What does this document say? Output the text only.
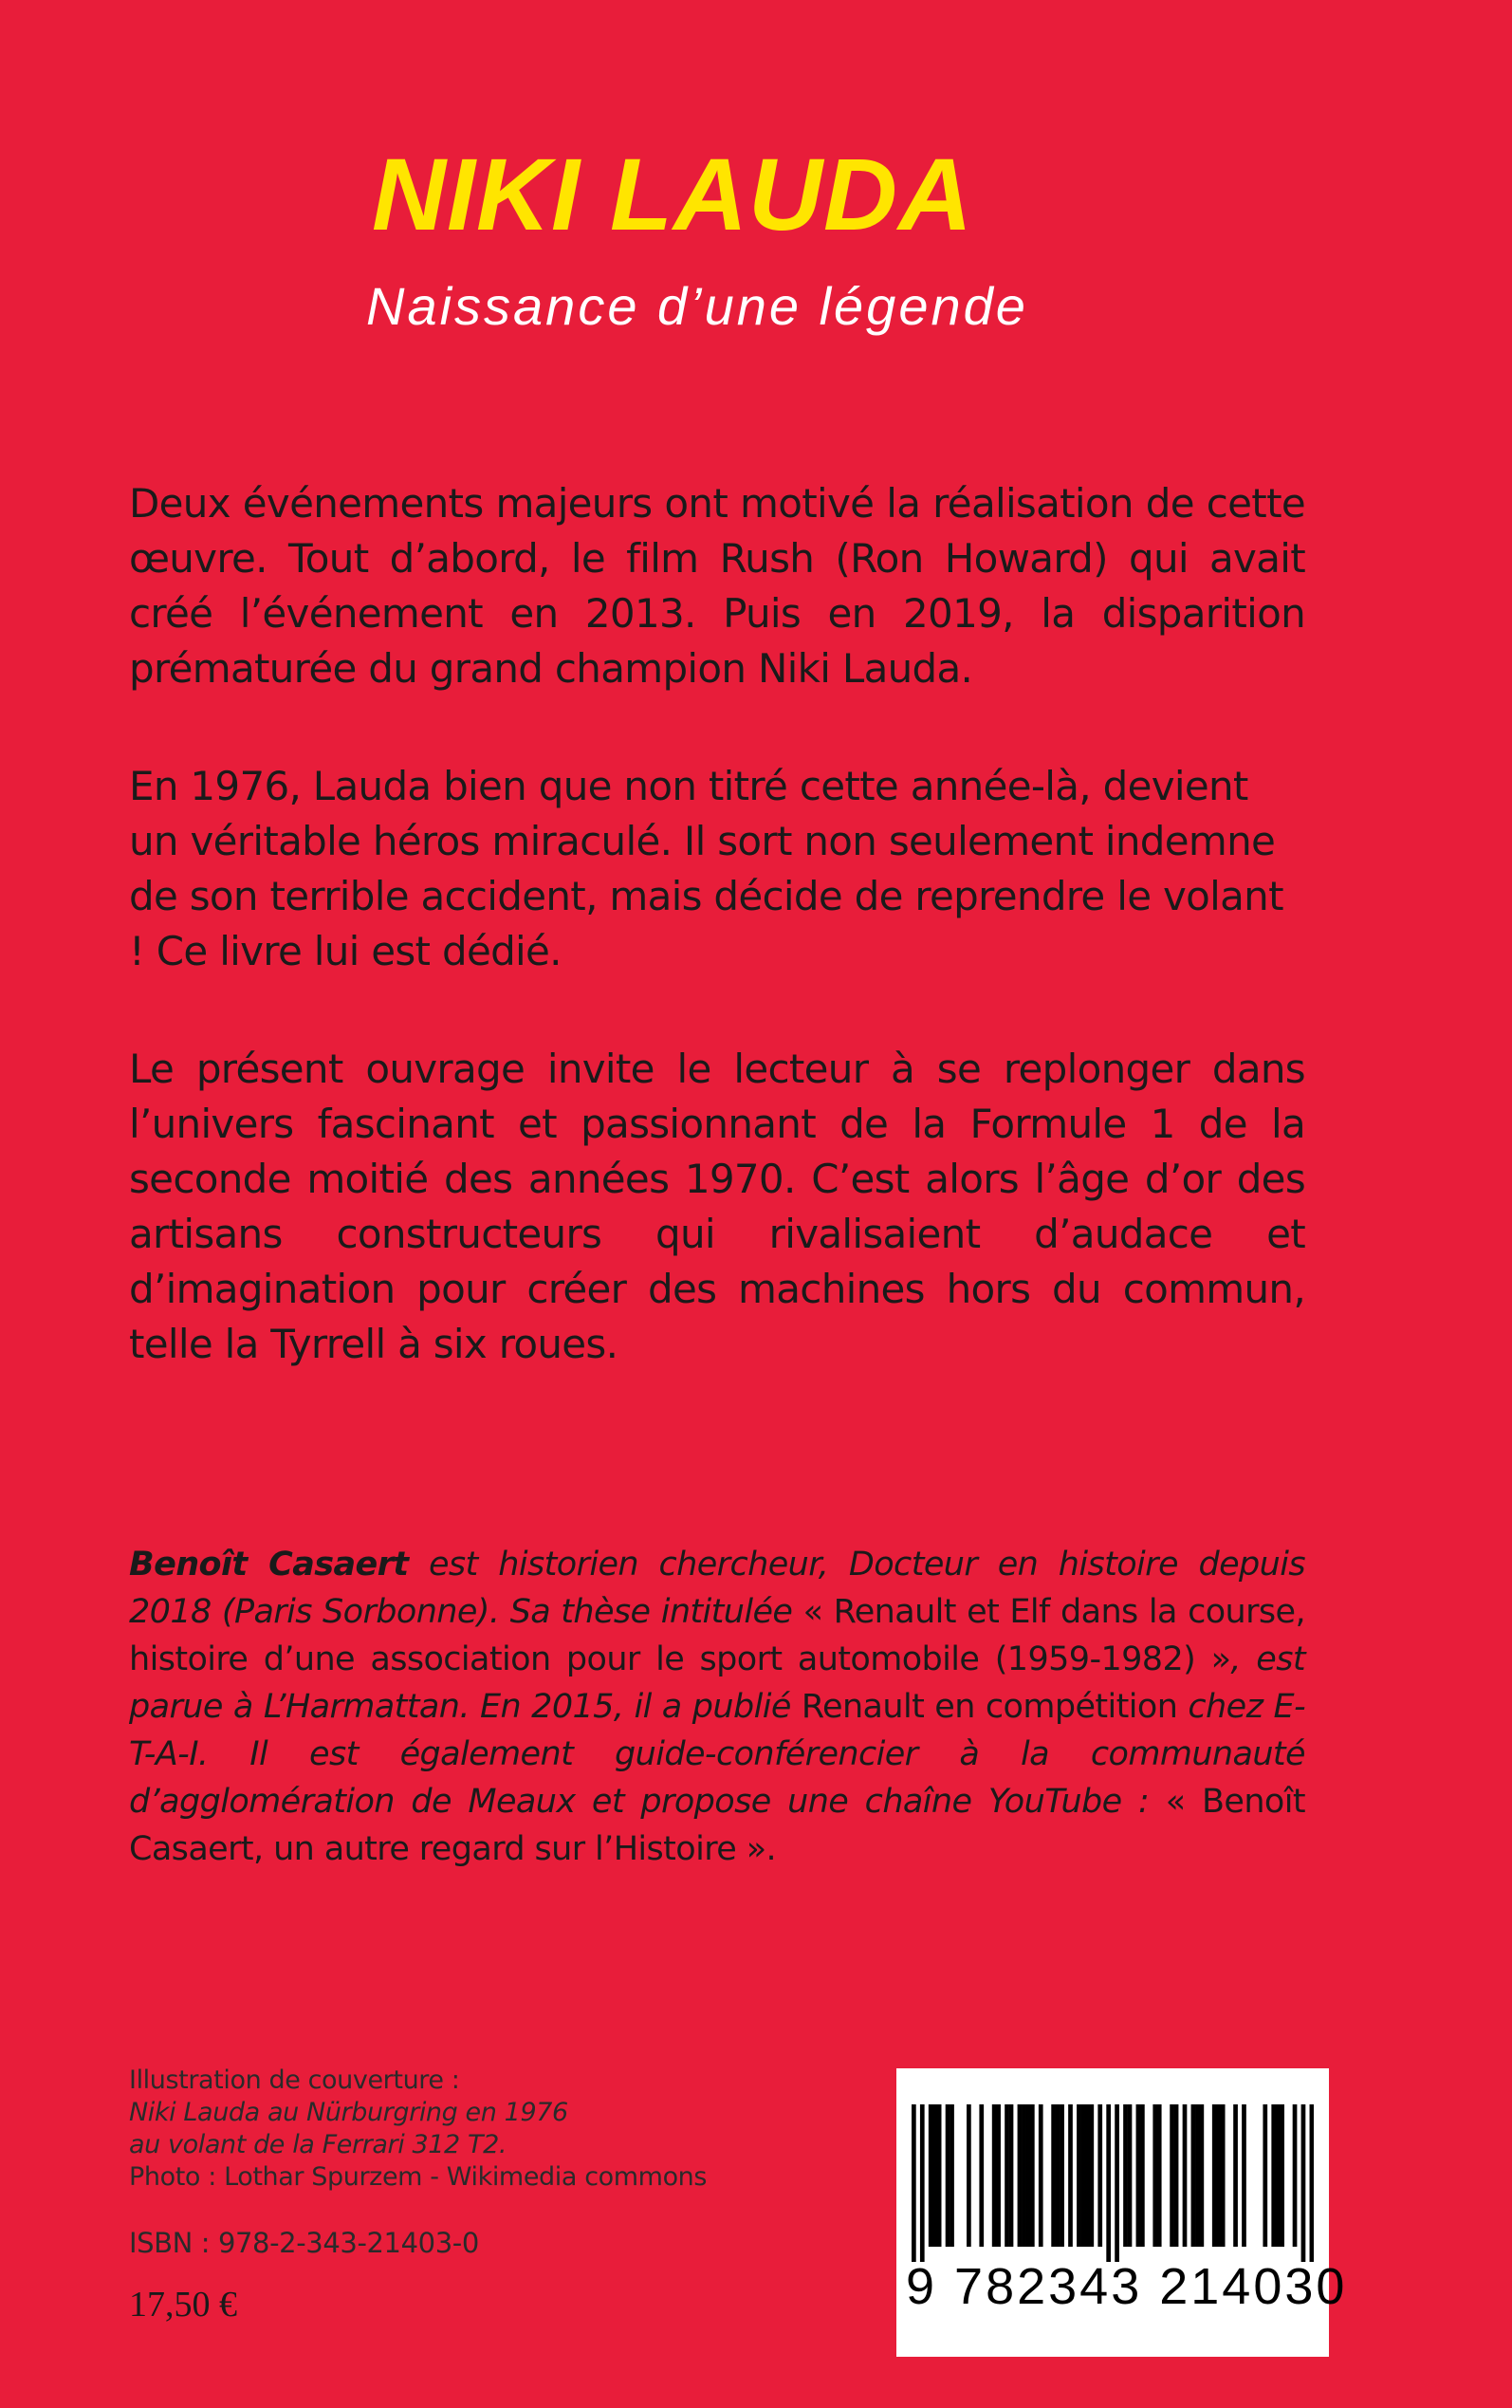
NIKI LAUDA
Naissance d’une légende

Deux événements majeurs ont motivé la réalisation de cette œuvre. Tout d’abord, le film Rush (Ron Howard) qui avait créé l’événement en 2013. Puis en 2019, la disparition prématurée du grand champion Niki Lauda.

En 1976, Lauda bien que non titré cette année-là, devient un véritable héros miraculé. Il sort non seulement indemne de son terrible accident, mais décide de reprendre le volant ! Ce livre lui est dédié.

Le présent ouvrage invite le lecteur à se replonger dans l’univers fascinant et passionnant de la Formule 1 de la seconde moitié des années 1970. C’est alors l’âge d’or des artisans constructeurs qui rivalisaient d’audace et d’imagination pour créer des machines hors du commun, telle la Tyrrell à six roues.

Benoît Casaert est historien chercheur, Docteur en histoire depuis 2018 (Paris Sorbonne). Sa thèse intitulée « Renault et Elf dans la course, histoire d’une association pour le sport automobile (1959-1982) », est parue à L’Harmattan. En 2015, il a publié Renault en compétition chez E-T-A-I. Il est également guide-conférencier à la communauté d’agglomération de Meaux et propose une chaîne YouTube : « Benoît Casaert, un autre regard sur l’Histoire ».

Illustration de couverture :
Niki Lauda au Nürburgring en 1976
au volant de la Ferrari 312 T2.
Photo : Lothar Spurzem - Wikimedia commons
ISBN : 978-2-343-21403-0
17,50 €	9 782343 214030
